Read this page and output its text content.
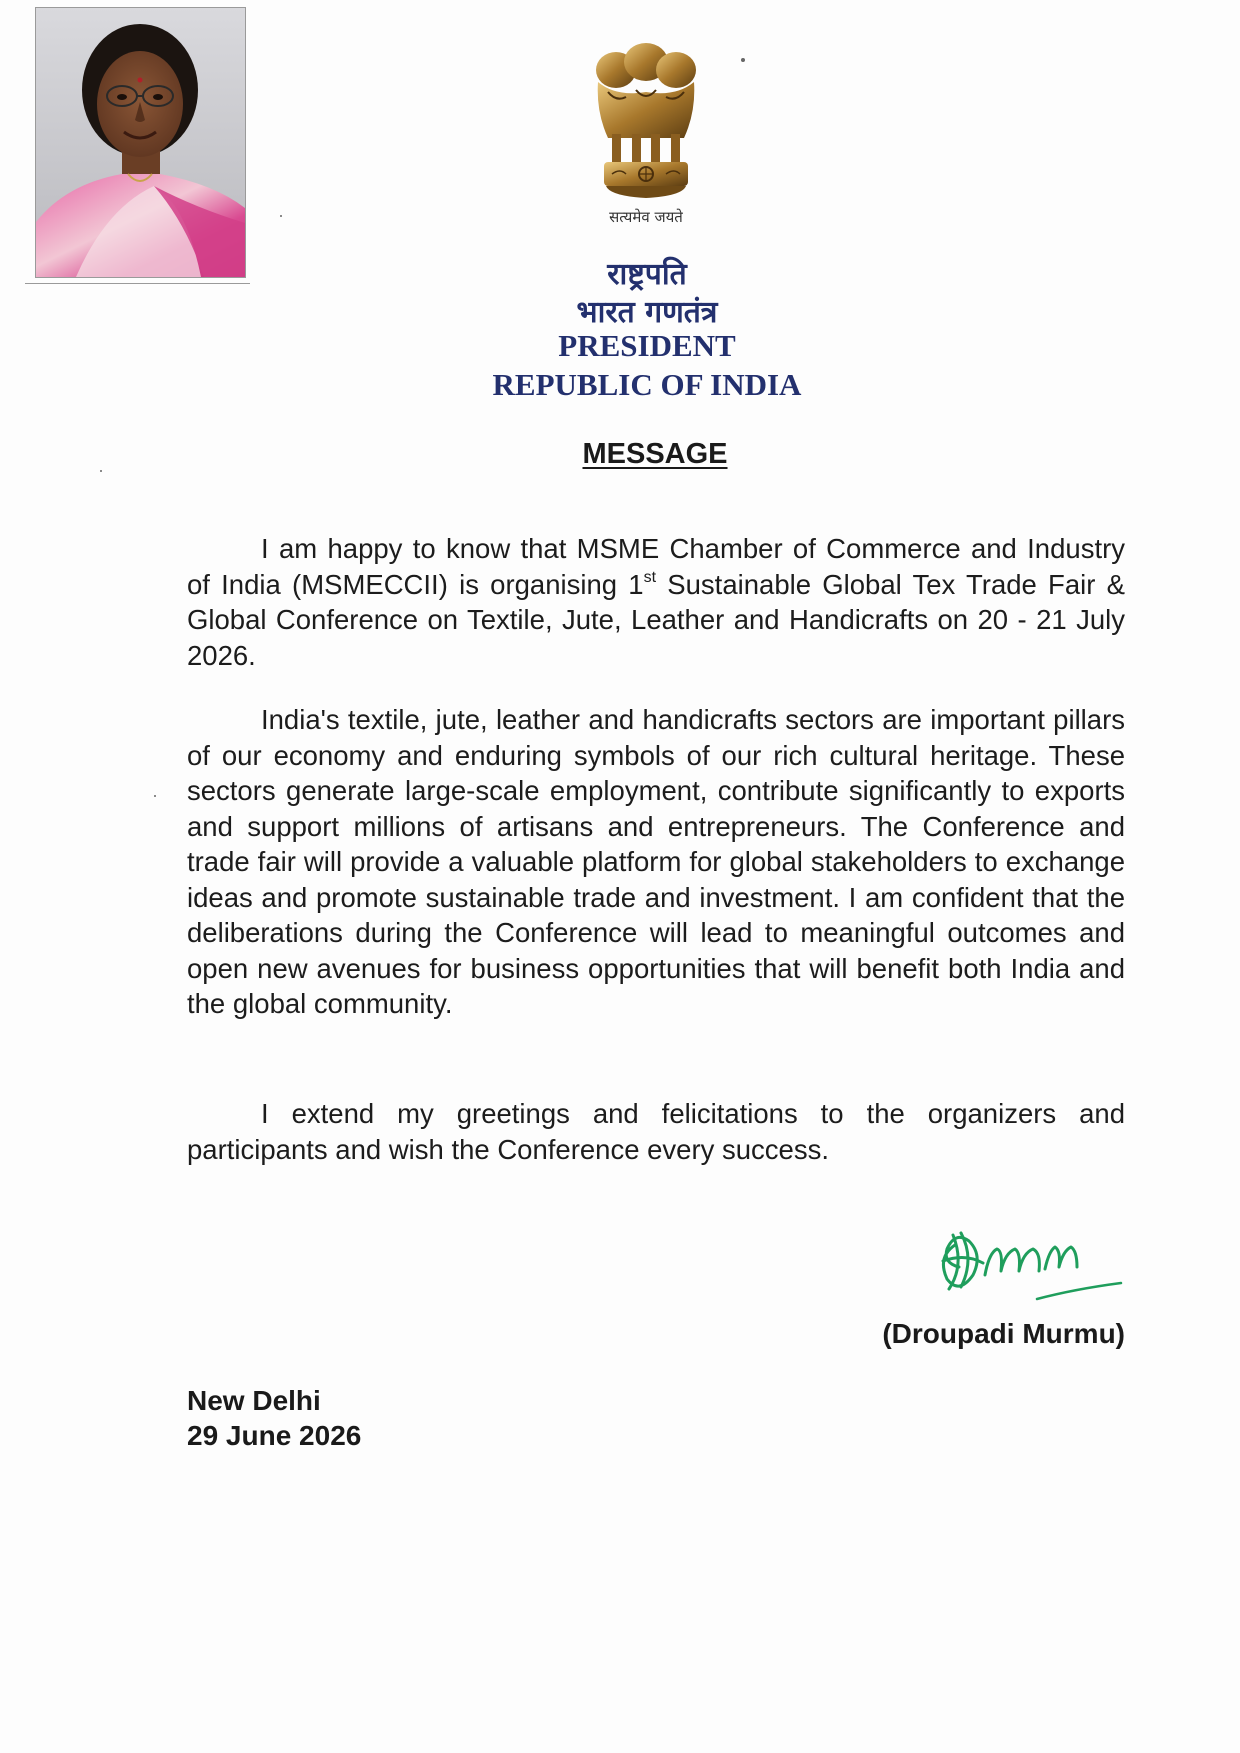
सत्यमेव जयते
राष्ट्रपति
भारत गणतंत्र
PRESIDENT
REPUBLIC OF INDIA
MESSAGE

I am happy to know that MSME Chamber of Commerce and Industry of India (MSMECCII) is organising 1st Sustainable Global Tex Trade Fair & Global Conference on Textile, Jute, Leather and Handicrafts on 20 - 21 July 2026.

India's textile, jute, leather and handicrafts sectors are important pillars of our economy and enduring symbols of our rich cultural heritage. These sectors generate large-scale employment, contribute significantly to exports and support millions of artisans and entrepreneurs. The Conference and trade fair will provide a valuable platform for global stakeholders to exchange ideas and promote sustainable trade and investment. I am confident that the deliberations during the Conference will lead to meaningful outcomes and open new avenues for business opportunities that will benefit both India and the global community.

I extend my greetings and felicitations to the organizers and participants and wish the Conference every success.

(Droupadi Murmu)
New Delhi
29 June 2026
